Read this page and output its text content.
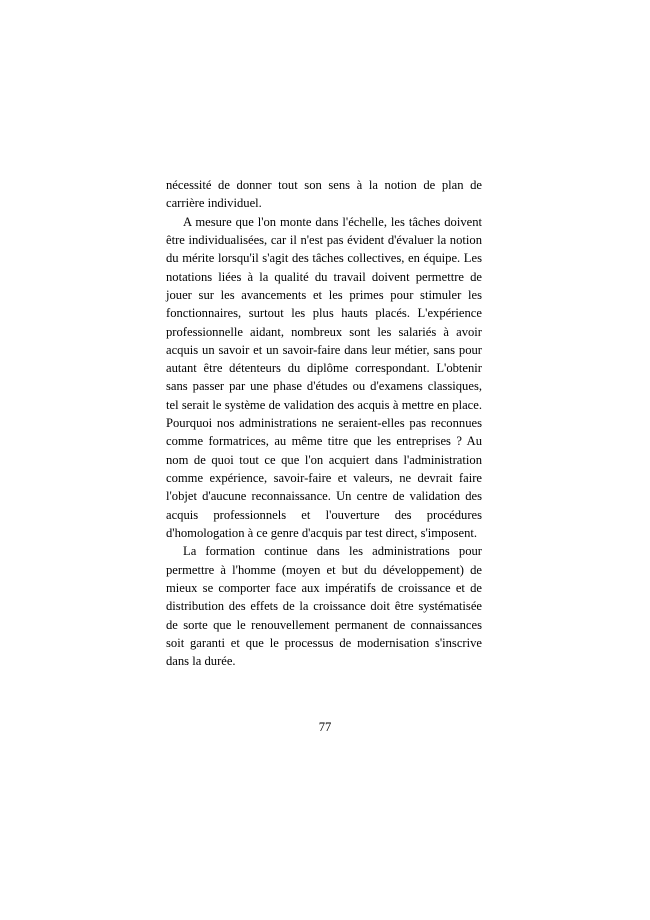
nécessité de donner tout son sens à la notion de plan de carrière individuel.

A mesure que l'on monte dans l'échelle, les tâches doivent être individualisées, car il n'est pas évident d'évaluer la notion du mérite lorsqu'il s'agit des tâches collectives, en équipe. Les notations liées à la qualité du travail doivent permettre de jouer sur les avancements et les primes pour stimuler les fonctionnaires, surtout les plus hauts placés. L'expérience professionnelle aidant, nombreux sont les salariés à avoir acquis un savoir et un savoir-faire dans leur métier, sans pour autant être détenteurs du diplôme correspondant. L'obtenir sans passer par une phase d'études ou d'examens classiques, tel serait le système de validation des acquis à mettre en place. Pourquoi nos administrations ne seraient-elles pas reconnues comme formatrices, au même titre que les entreprises ? Au nom de quoi tout ce que l'on acquiert dans l'administration comme expérience, savoir-faire et valeurs, ne devrait faire l'objet d'aucune reconnaissance. Un centre de validation des acquis professionnels et l'ouverture des procédures d'homologation à ce genre d'acquis par test direct, s'imposent.

La formation continue dans les administrations pour permettre à l'homme (moyen et but du développement) de mieux se comporter face aux impératifs de croissance et de distribution des effets de la croissance doit être systématisée de sorte que le renouvellement permanent de connaissances soit garanti et que le processus de modernisation s'inscrive dans la durée.

77
